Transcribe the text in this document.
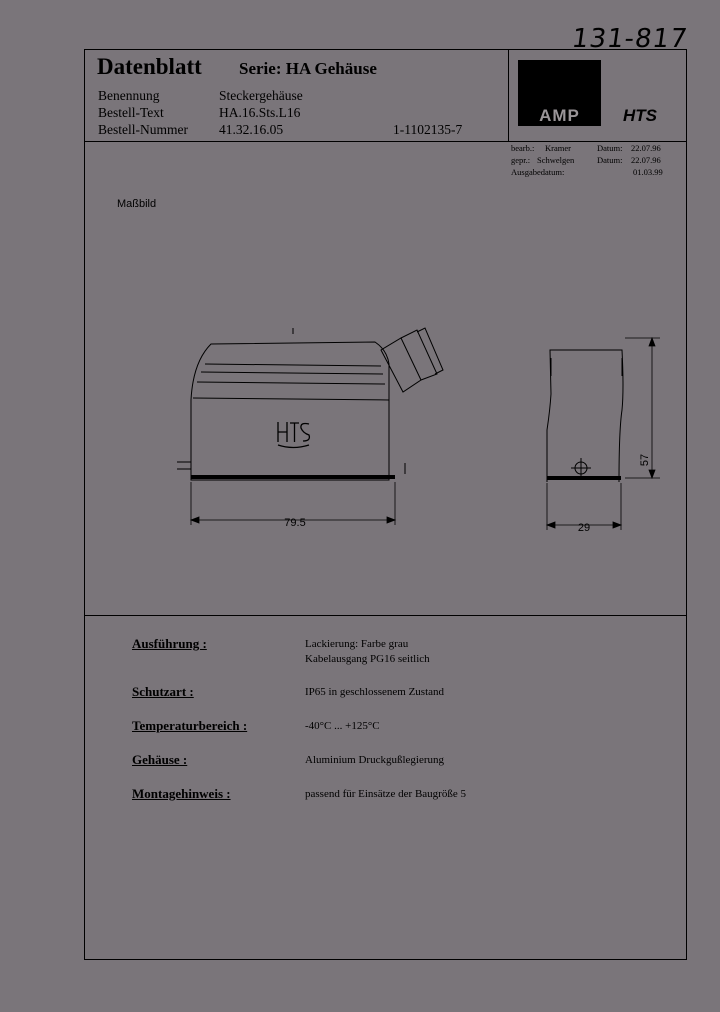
131-817
Datenblatt Serie: HA Gehäuse
Benennung	Steckergehäuse
Bestell-Text	HA.16.Sts.L16
Bestell-Nummer 41.32.16.05	1-1102135-7
AMP	HTS
bearb.: Kramer	Datum: 22.07.96
gepr.: Schwelgen	Datum: 22.07.96
Ausgabedatum:	01.03.99
Maßbild
79.5
57
29
Ausführung :	Lackierung: Farbe grau
Kabelausgang PG16 seitlich
Schutzart :	IP65 in geschlossenem Zustand
Temperaturbereich :	-40°C ... +125°C
Gehäuse :	Aluminium Druckgußlegierung
Montagehinweis :	passend für Einsätze der Baugröße 5
